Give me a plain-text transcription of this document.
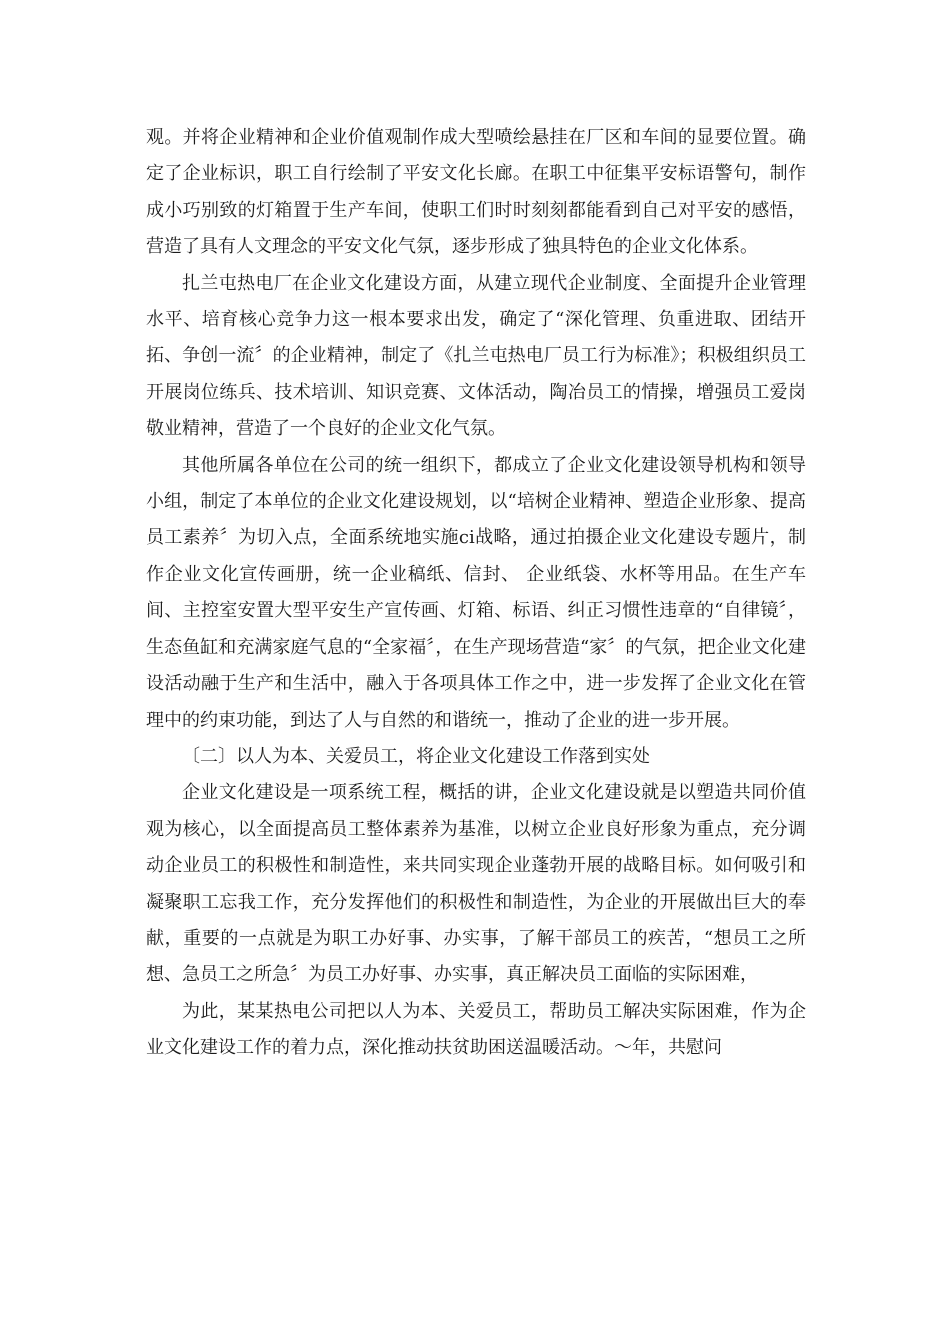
观。并将企业精神和企业价值观制作成大型喷绘悬挂在厂区和车间的显要位置。确定了企业标识，职工自行绘制了平安文化长廊。在职工中征集平安标语警句，制作成小巧别致的灯箱置于生产车间，使职工们时时刻刻都能看到自己对平安的感悟，营造了具有人文理念的平安文化气氛，逐步形成了独具特色的企业文化体系。

扎兰屯热电厂在企业文化建设方面，从建立现代企业制度、全面提升企业管理水平、培育核心竞争力这一根本要求出发，确定了“深化管理、负重进取、团结开拓、争创一流〞的企业精神，制定了《扎兰屯热电厂员工行为标准》；积极组织员工开展岗位练兵、技术培训、知识竞赛、文体活动，陶冶员工的情操，增强员工爱岗敬业精神，营造了一个良好的企业文化气氛。

其他所属各单位在公司的统一组织下，都成立了企业文化建设领导机构和领导小组，制定了本单位的企业文化建设规划，以“培树企业精神、塑造企业形象、提高员工素养〞为切入点，全面系统地实施ci战略，通过拍摄企业文化建设专题片，制作企业文化宣传画册，统一企业稿纸、信封、 企业纸袋、水杯等用品。在生产车间、主控室安置大型平安生产宣传画、灯箱、标语、纠正习惯性违章的“自律镜〞，生态鱼缸和充满家庭气息的“全家福〞，在生产现场营造“家〞的气氛，把企业文化建设活动融于生产和生活中，融入于各项具体工作之中，进一步发挥了企业文化在管理中的约束功能，到达了人与自然的和谐统一，推动了企业的进一步开展。

〔二〕以人为本、关爱员工，将企业文化建设工作落到实处

企业文化建设是一项系统工程，概括的讲，企业文化建设就是以塑造共同价值观为核心，以全面提高员工整体素养为基准，以树立企业良好形象为重点，充分调动企业员工的积极性和制造性，来共同实现企业蓬勃开展的战略目标。如何吸引和凝聚职工忘我工作，充分发挥他们的积极性和制造性，为企业的开展做出巨大的奉献，重要的一点就是为职工办好事、办实事，了解干部员工的疾苦，“想员工之所想、急员工之所急〞为员工办好事、办实事，真正解决员工面临的实际困难，

为此，某某热电公司把以人为本、关爱员工，帮助员工解决实际困难，作为企业文化建设工作的着力点，深化推动扶贫助困送温暖活动。～年，共慰问
